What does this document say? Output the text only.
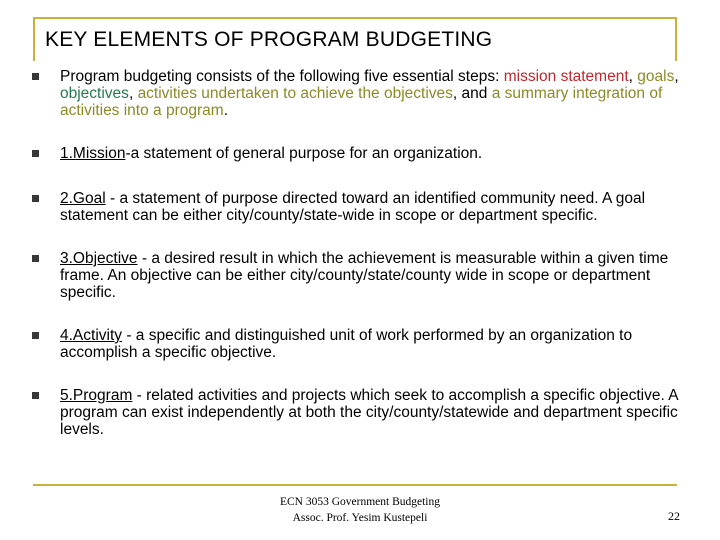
KEY ELEMENTS OF PROGRAM BUDGETING
Program budgeting consists of the following five essential steps: mission statement, goals, objectives, activities undertaken to achieve the objectives, and a summary integration of activities into a program.
1.Mission-a statement of general purpose for an organization.
2.Goal - a statement of purpose directed toward an identified community need. A goal statement can be either city/county/state-wide in scope or department specific.
3.Objective - a desired result in which the achievement is measurable within a given time frame. An objective can be either city/county/state/county wide in scope or department specific.
4.Activity - a specific and distinguished unit of work performed by an organization to accomplish a specific objective.
5.Program - related activities and projects which seek to accomplish a specific objective. A program can exist independently at both the city/county/statewide and department specific levels.
ECN 3053 Government Budgeting
Assoc. Prof. Yesim Kustepeli	22
